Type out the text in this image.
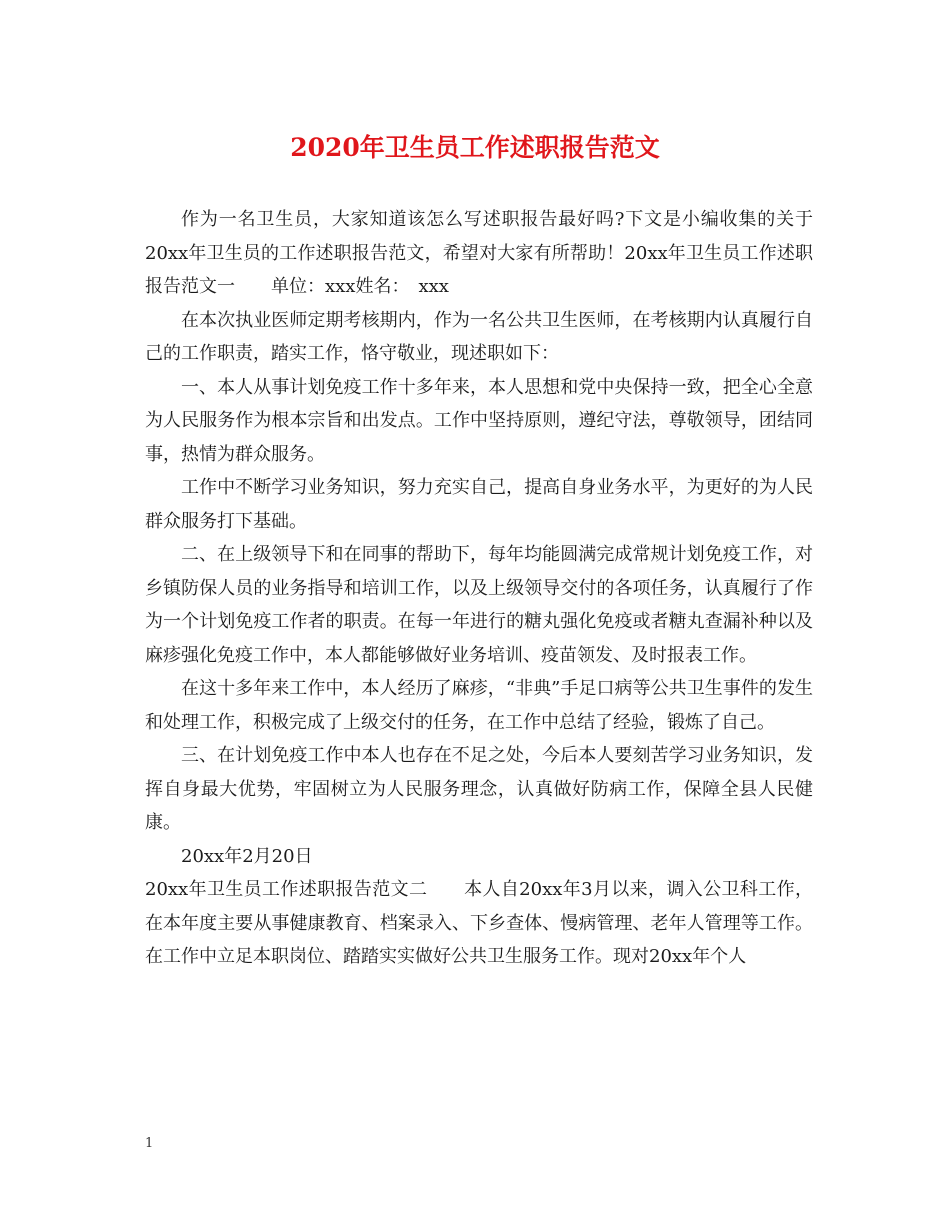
2020年卫生员工作述职报告范文

作为一名卫生员，大家知道该怎么写述职报告最好吗?下文是小编收集的关于20xx年卫生员的工作述职报告范文，希望对大家有所帮助！20xx年卫生员工作述职报告范文一　　单位：xxx姓名：　xxx

在本次执业医师定期考核期内，作为一名公共卫生医师，在考核期内认真履行自己的工作职责，踏实工作，恪守敬业，现述职如下：

一、本人从事计划免疫工作十多年来，本人思想和党中央保持一致，把全心全意为人民服务作为根本宗旨和出发点。工作中坚持原则，遵纪守法，尊敬领导，团结同事，热情为群众服务。

工作中不断学习业务知识，努力充实自己，提高自身业务水平，为更好的为人民群众服务打下基础。

二、在上级领导下和在同事的帮助下，每年均能圆满完成常规计划免疫工作，对乡镇防保人员的业务指导和培训工作，以及上级领导交付的各项任务，认真履行了作为一个计划免疫工作者的职责。在每一年进行的糖丸强化免疫或者糖丸查漏补种以及麻疹强化免疫工作中，本人都能够做好业务培训、疫苗领发、及时报表工作。

在这十多年来工作中，本人经历了麻疹，“非典”手足口病等公共卫生事件的发生和处理工作，积极完成了上级交付的任务，在工作中总结了经验，锻炼了自己。

三、在计划免疫工作中本人也存在不足之处，今后本人要刻苦学习业务知识，发挥自身最大优势，牢固树立为人民服务理念，认真做好防病工作，保障全县人民健康。

20xx年2月20日

20xx年卫生员工作述职报告范文二　　本人自20xx年3月以来，调入公卫科工作，在本年度主要从事健康教育、档案录入、下乡查体、慢病管理、老年人管理等工作。在工作中立足本职岗位、踏踏实实做好公共卫生服务工作。现对20xx年个人

1
